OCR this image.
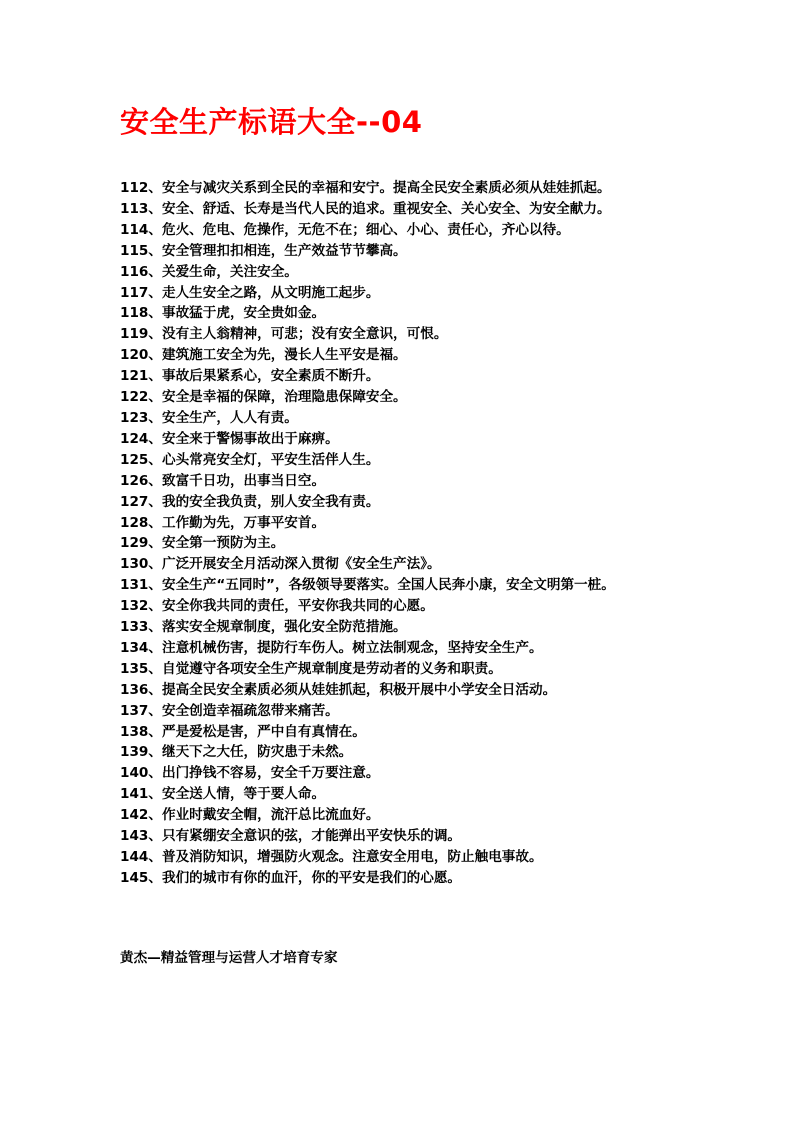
安全生产标语大全--04
112、安全与减灾关系到全民的幸福和安宁。提高全民安全素质必须从娃娃抓起。
113、安全、舒适、长寿是当代人民的追求。重视安全、关心安全、为安全献力。
114、危火、危电、危操作，无危不在；细心、小心、责任心，齐心以待。
115、安全管理扣扣相连，生产效益节节攀高。
116、关爱生命，关注安全。
117、走人生安全之路，从文明施工起步。
118、事故猛于虎，安全贵如金。
119、没有主人翁精神，可悲；没有安全意识，可恨。
120、建筑施工安全为先，漫长人生平安是福。
121、事故后果紧系心，安全素质不断升。
122、安全是幸福的保障，治理隐患保障安全。
123、安全生产，人人有责。
124、安全来于警惕事故出于麻痹。
125、心头常亮安全灯，平安生活伴人生。
126、致富千日功，出事当日空。
127、我的安全我负责，别人安全我有责。
128、工作勤为先，万事平安首。
129、安全第一预防为主。
130、广泛开展安全月活动深入贯彻《安全生产法》。
131、安全生产“五同时”，各级领导要落实。全国人民奔小康，安全文明第一桩。
132、安全你我共同的责任，平安你我共同的心愿。
133、落实安全规章制度，强化安全防范措施。
134、注意机械伤害，提防行车伤人。树立法制观念，坚持安全生产。
135、自觉遵守各项安全生产规章制度是劳动者的义务和职责。
136、提高全民安全素质必须从娃娃抓起，积极开展中小学安全日活动。
137、安全创造幸福疏忽带来痛苦。
138、严是爱松是害，严中自有真情在。
139、继天下之大任，防灾患于未然。
140、出门挣钱不容易，安全千万要注意。
141、安全送人情，等于要人命。
142、作业时戴安全帽，流汗总比流血好。
143、只有紧绷安全意识的弦，才能弹出平安快乐的调。
144、普及消防知识，增强防火观念。注意安全用电，防止触电事故。
145、我们的城市有你的血汗，你的平安是我们的心愿。
黄杰—精益管理与运营人才培育专家
